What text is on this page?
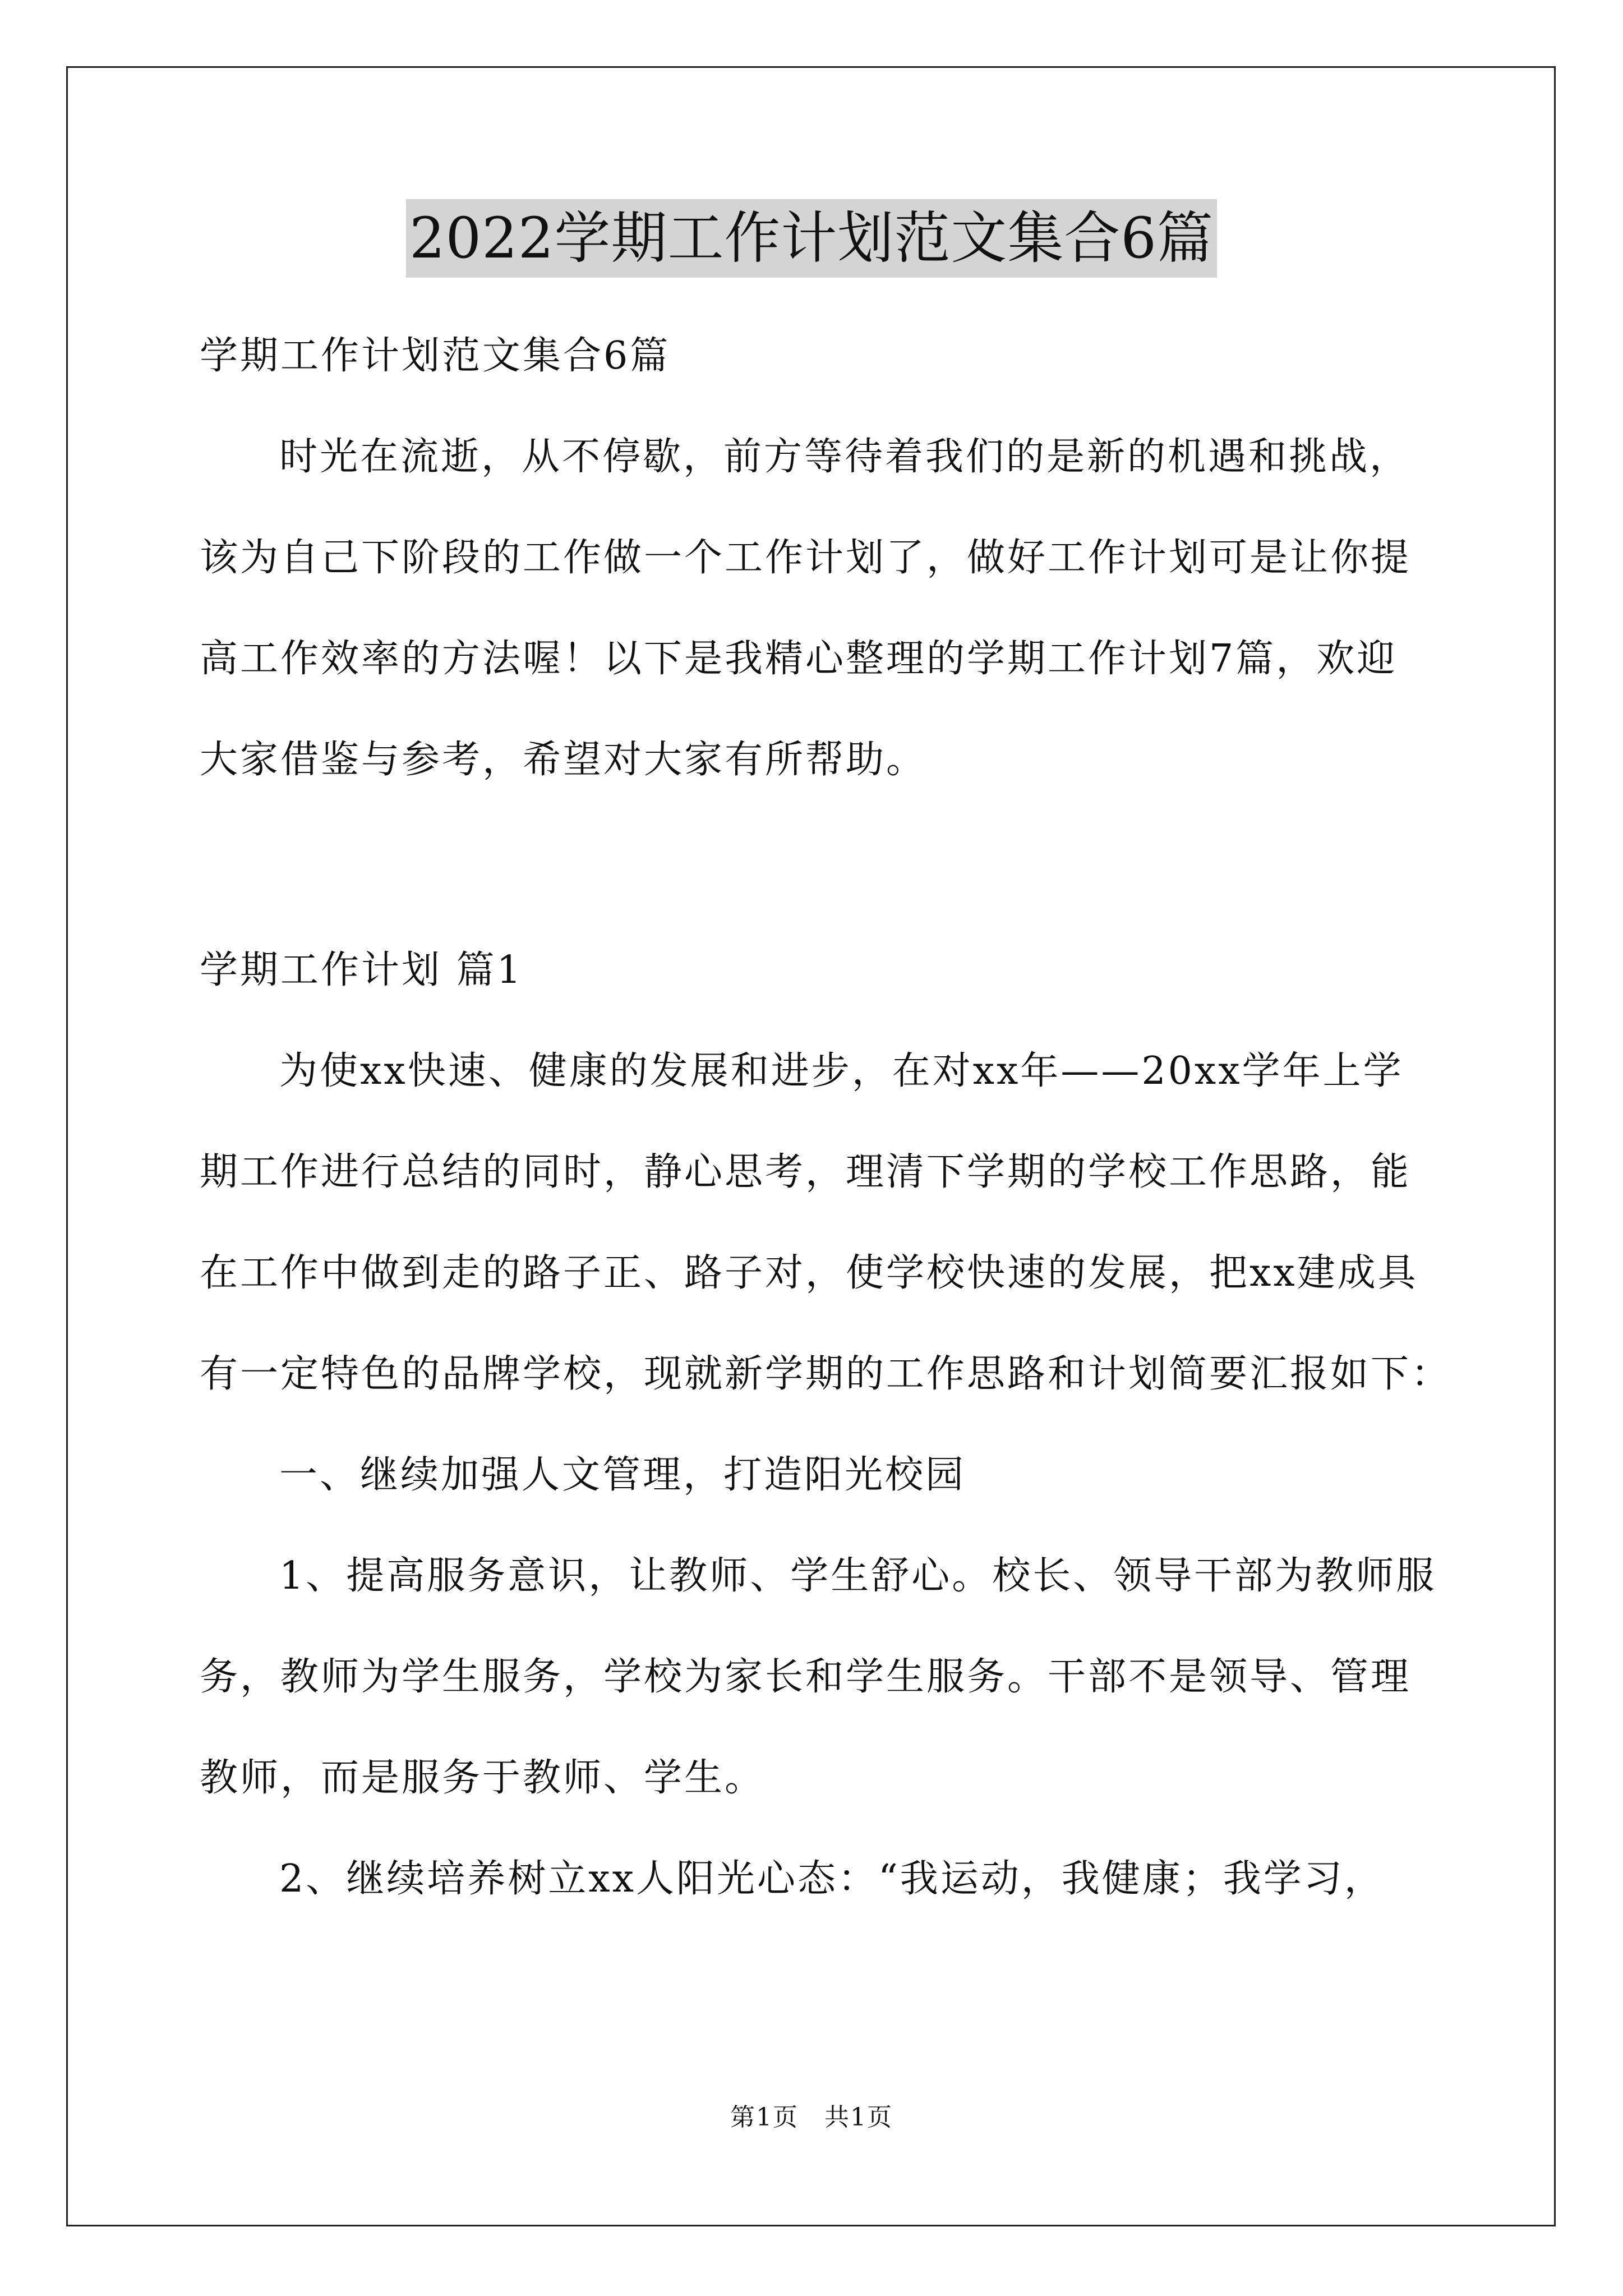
2022学期工作计划范文集合6篇
学期工作计划范文集合6篇
时光在流逝，从不停歇，前方等待着我们的是新的机遇和挑战，
该为自己下阶段的工作做一个工作计划了，做好工作计划可是让你提
高工作效率的方法喔！以下是我精心整理的学期工作计划7篇，欢迎
大家借鉴与参考，希望对大家有所帮助。
学期工作计划 篇1
为使xx快速、健康的发展和进步，在对xx年——20xx学年上学
期工作进行总结的同时，静心思考，理清下学期的学校工作思路，能
在工作中做到走的路子正、路子对，使学校快速的发展，把xx建成具
有一定特色的品牌学校，现就新学期的工作思路和计划简要汇报如下：
一、继续加强人文管理，打造阳光校园
1、提高服务意识，让教师、学生舒心。校长、领导干部为教师服
务，教师为学生服务，学校为家长和学生服务。干部不是领导、管理
教师，而是服务于教师、学生。
2、继续培养树立xx人阳光心态：“我运动，我健康；我学习，
第1页　共1页
